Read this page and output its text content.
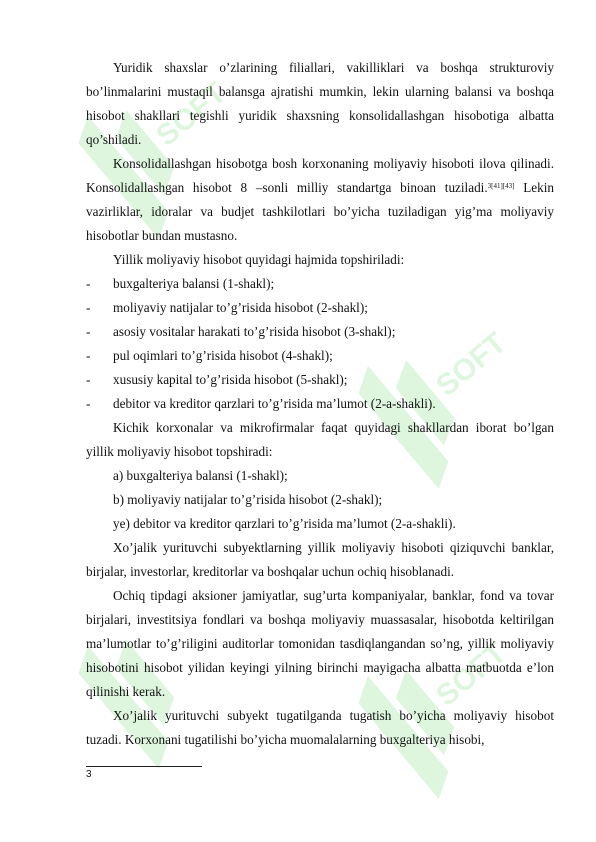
SOFT
SOFT
SOFT

Yuridik shaxslar o’zlarining filiallari, vakilliklari va boshqa strukturoviy bo’linmalarini mustaqil balansga ajratishi mumkin, lekin ularning balansi va boshqa hisobot shakllari tegishli yuridik shaxsning konsolidallashgan hisobotiga albatta qo’shiladi.

Konsolidallashgan hisobotga bosh korxonaning moliyaviy hisoboti ilova qilinadi. Konsolidallashgan hisobot 8 –sonli milliy standartga binoan tuziladi.$^{3[41][43]}$ Lekin vazirliklar, idoralar va budjet tashkilotlari bo’yicha tuziladigan yig’ma moliyaviy hisobotlar bundan mustasno.

Yillik moliyaviy hisobot quyidagi hajmida topshiriladi:

- buxgalteriya balansi (1-shakl);

- moliyaviy natijalar to’g’risida hisobot (2-shakl);

- asosiy vositalar harakati to’g’risida hisobot (3-shakl);

- pul oqimlari to’g’risida hisobot (4-shakl);

- xususiy kapital to’g’risida hisobot (5-shakl);

- debitor va kreditor qarzlari to’g’risida ma’lumot (2-a-shakli).

Kichik korxonalar va mikrofirmalar faqat quyidagi shakllardan iborat bo’lgan yillik moliyaviy hisobot topshiradi:

a) buxgalteriya balansi (1-shakl);

b) moliyaviy natijalar to’g’risida hisobot (2-shakl);

ye) debitor va kreditor qarzlari to’g’risida ma’lumot (2-a-shakli).

Xo’jalik yurituvchi subyektlarning yillik moliyaviy hisoboti qiziquvchi banklar, birjalar, investorlar, kreditorlar va boshqalar uchun ochiq hisoblanadi.

Ochiq tipdagi aksioner jamiyatlar, sug’urta kompaniyalar, banklar, fond va tovar birjalari, investitsiya fondlari va boshqa moliyaviy muassasalar, hisobotda keltirilgan ma’lumotlar to’g’riligini auditorlar tomonidan tasdiqlangandan so’ng, yillik moliyaviy hisobotini hisobot yilidan keyingi yilning birinchi mayigacha albatta matbuotda e’lon qilinishi kerak.

Xo’jalik yurituvchi subyekt tugatilganda tugatish bo’yicha moliyaviy hisobot tuzadi. Korxonani tugatilishi bo’yicha muomalalarning buxgalteriya hisobi,

3
